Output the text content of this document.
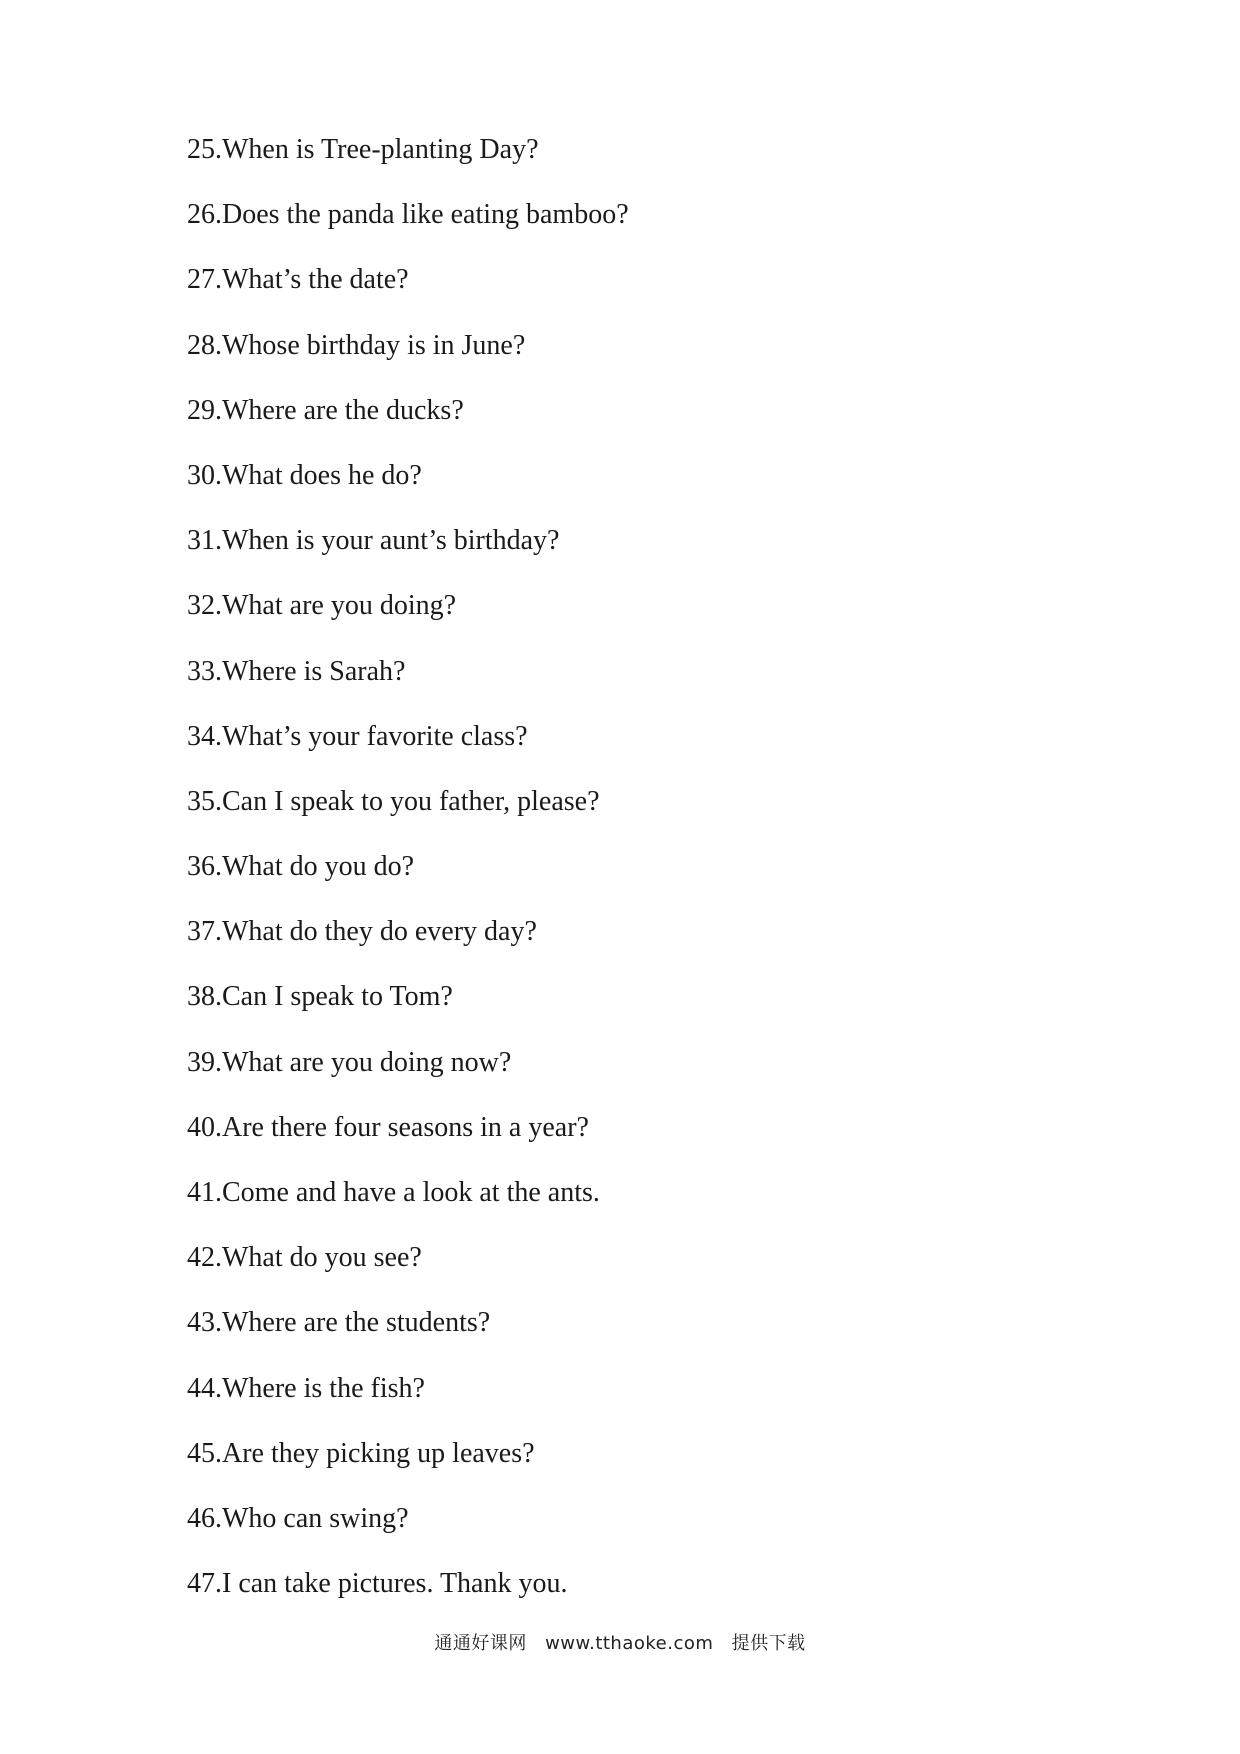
25.When is Tree-planting Day?
26.Does the panda like eating bamboo?
27.What’s the date?
28.Whose birthday is in June?
29.Where are the ducks?
30.What does he do?
31.When is your aunt’s birthday?
32.What are you doing?
33.Where is Sarah?
34.What’s your favorite class?
35.Can I speak to you father, please?
36.What do you do?
37.What do they do every day?
38.Can I speak to Tom?
39.What are you doing now?
40.Are there four seasons in a year?
41.Come and have a look at the ants.
42.What do you see?
43.Where are the students?
44.Where is the fish?
45.Are they picking up leaves?
46.Who can swing?
47.I can take pictures. Thank you.
通通好课网 www.tthaoke.com 提供下载
